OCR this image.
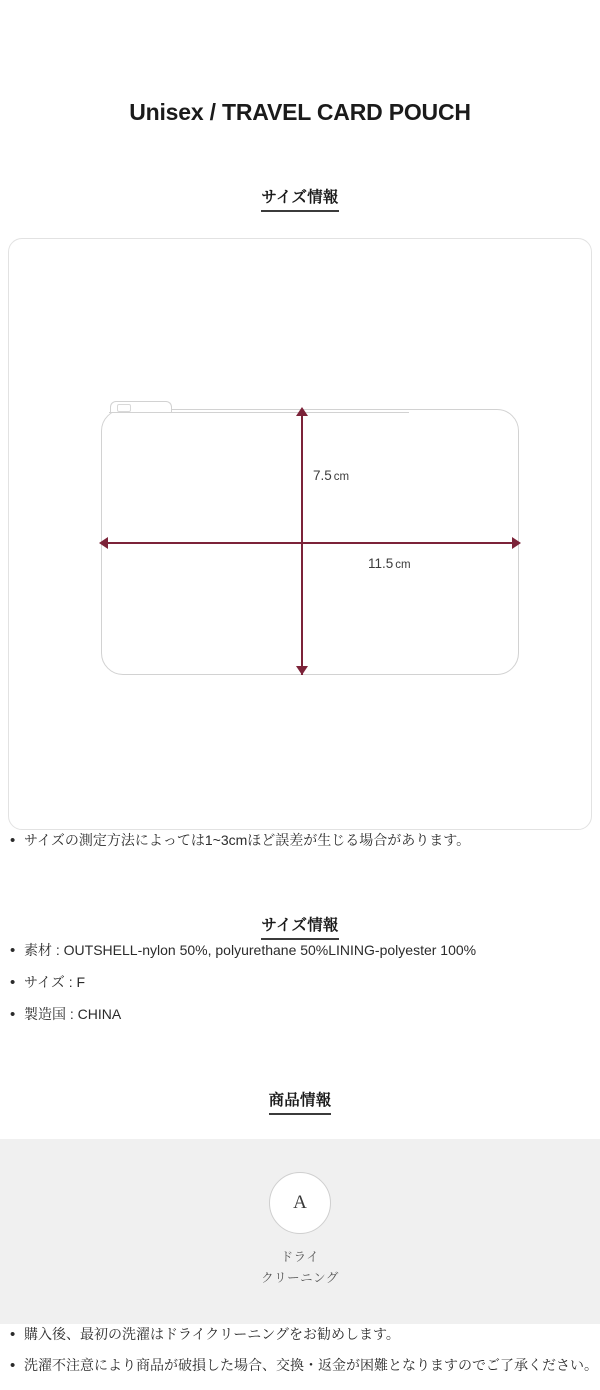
Unisex / TRAVEL CARD POUCH
サイズ情報
7.5 cm
11.5 cm
• サイズの測定方法によっては1~3cmほど誤差が生じる場合があります。
サイズ情報
• 素材 : OUTSHELL-nylon 50%, polyurethane 50%LINING-polyester 100%
• サイズ : F
• 製造国 : CHINA
商品情報
A
ドライ
クリーニング
• 購入後、最初の洗濯はドライクリーニングをお勧めします。
• 洗濯不注意により商品が破損した場合、交換・返金が困難となりますのでご了承ください。
